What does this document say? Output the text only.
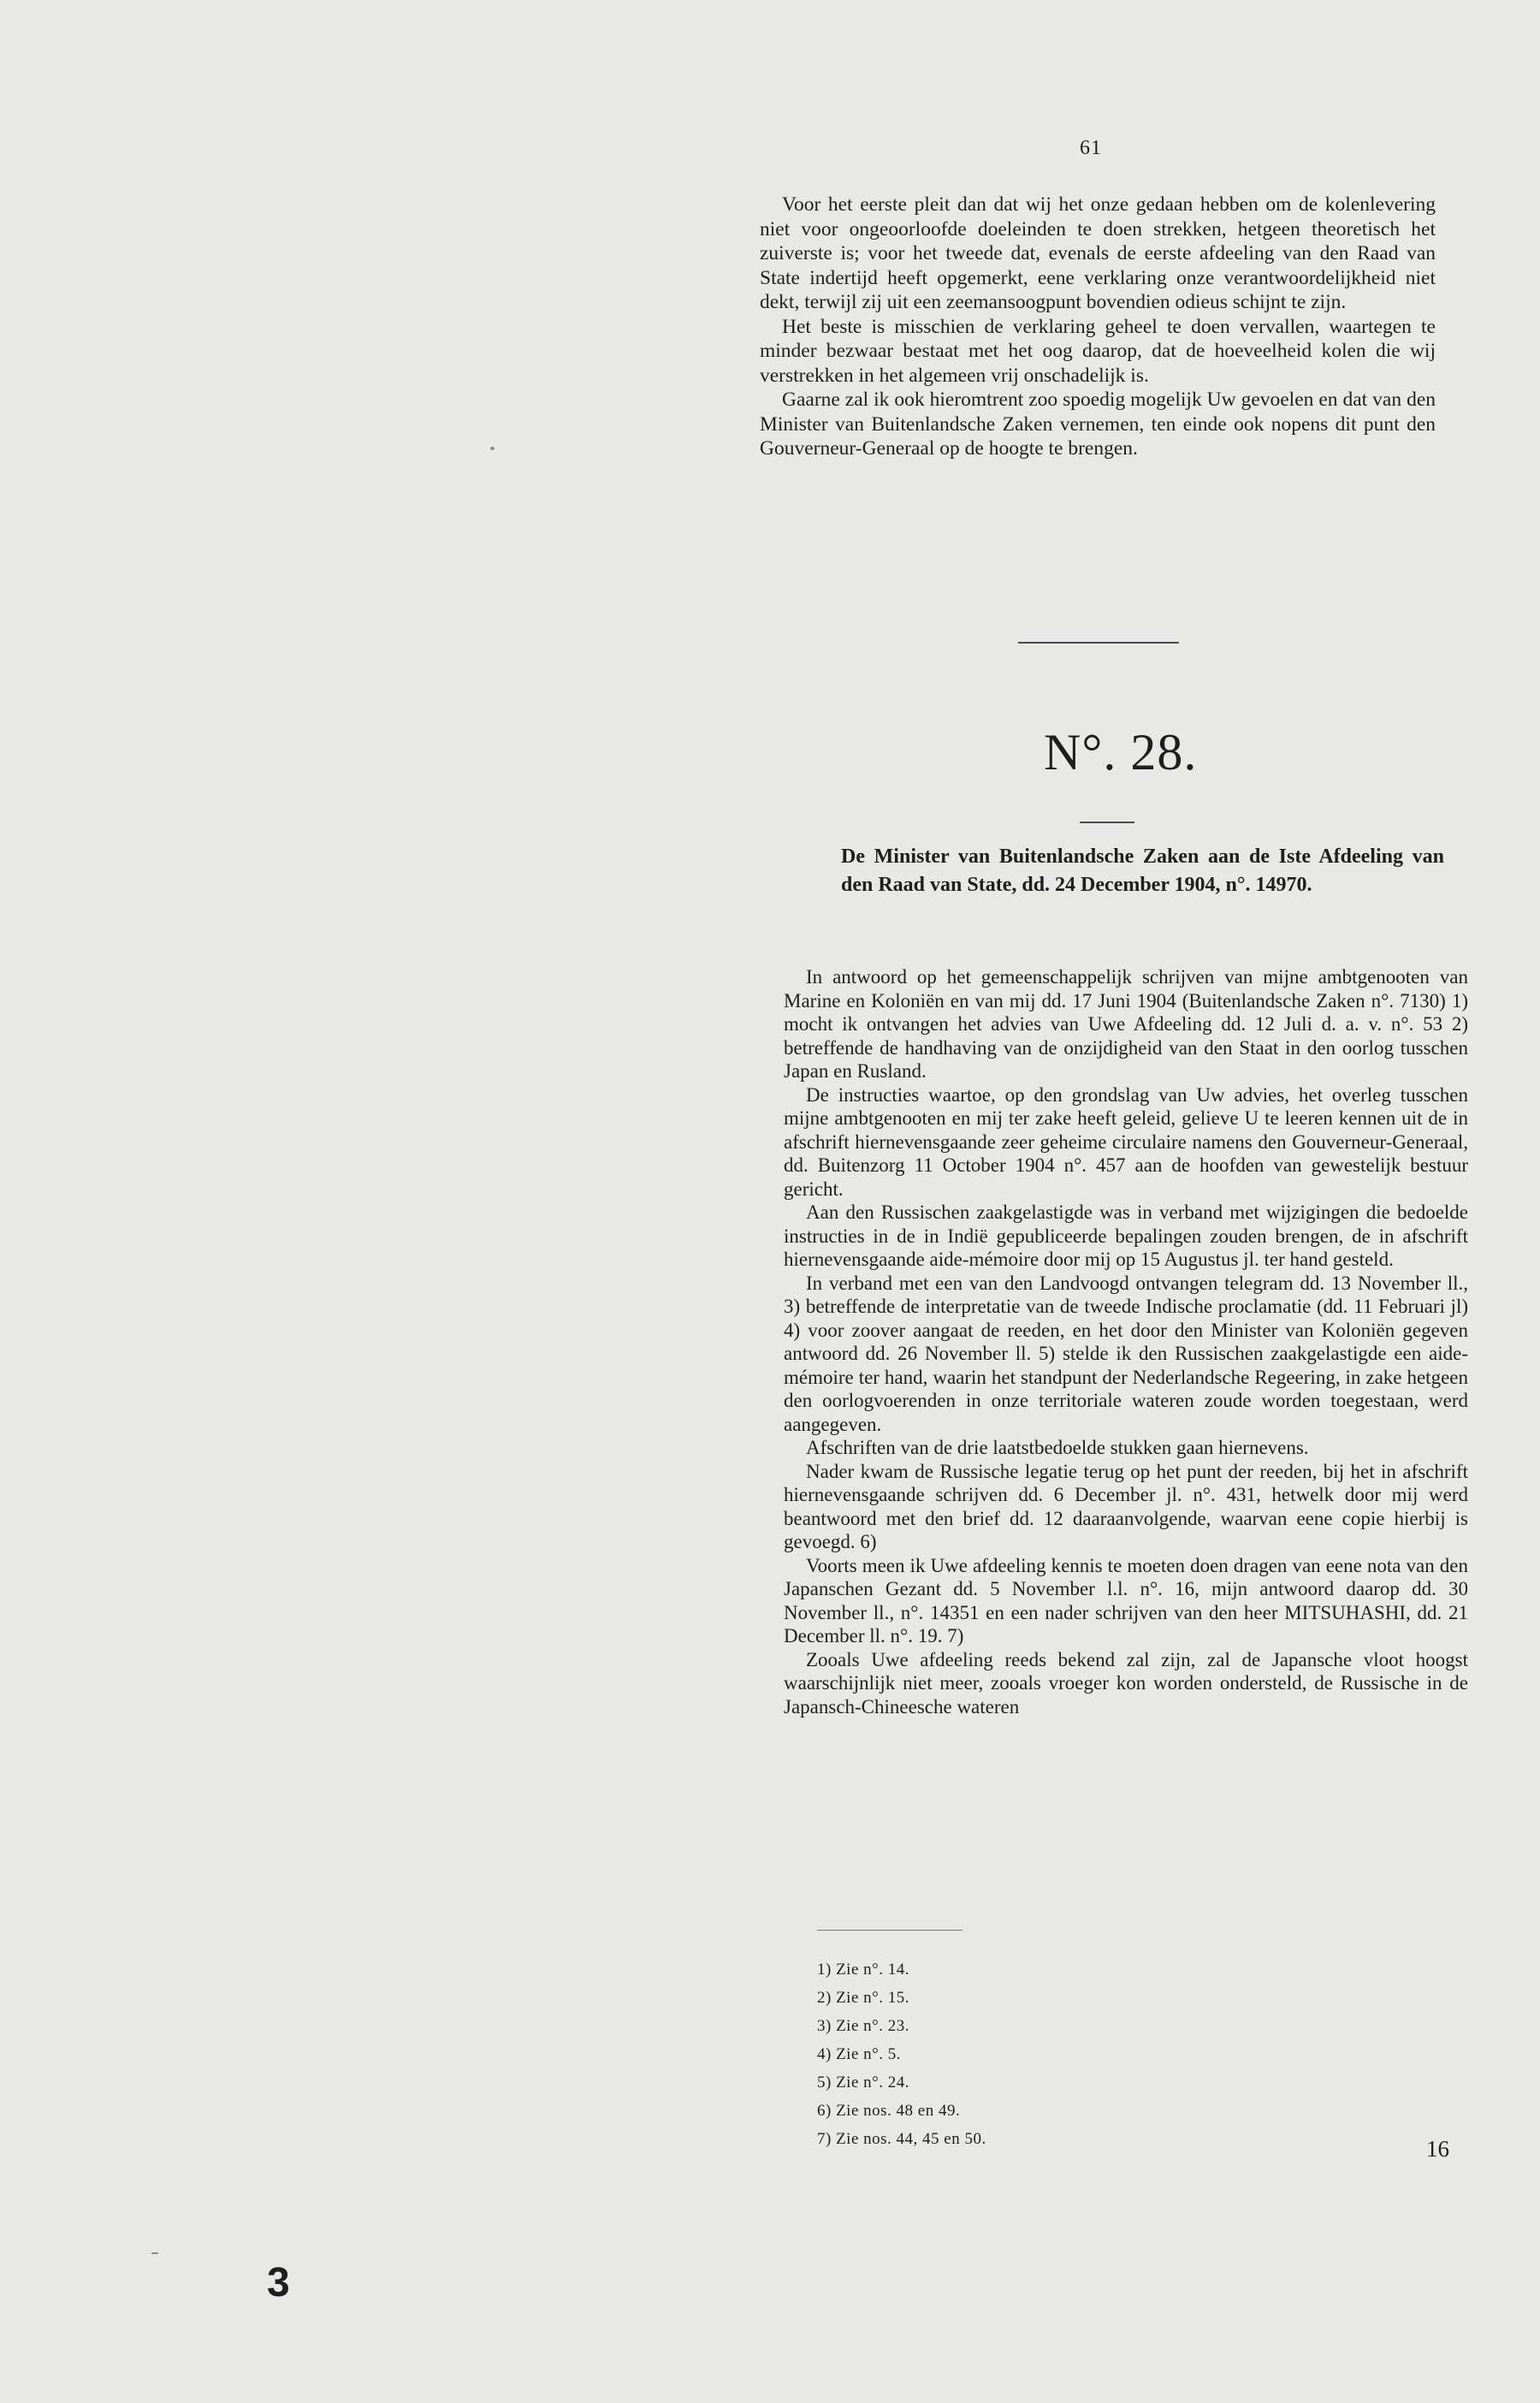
61

Voor het eerste pleit dan dat wij het onze gedaan hebben om de kolenlevering niet voor ongeoorloofde doeleinden te doen strekken, hetgeen theoretisch het zuiverste is; voor het tweede dat, evenals de eerste afdeeling van den Raad van State indertijd heeft opgemerkt, eene verklaring onze verantwoordelijkheid niet dekt, terwijl zij uit een zeemansoogpunt bovendien odieus schijnt te zijn.

Het beste is misschien de verklaring geheel te doen vervallen, waartegen te minder bezwaar bestaat met het oog daarop, dat de hoeveelheid kolen die wij verstrekken in het algemeen vrij onschadelijk is.

Gaarne zal ik ook hieromtrent zoo spoedig mogelijk Uw gevoelen en dat van den Minister van Buitenlandsche Zaken vernemen, ten einde ook nopens dit punt den Gouverneur-Generaal op de hoogte te brengen.

N°. 28.

De Minister van Buitenlandsche Zaken aan de Iste Afdeeling van den Raad van State, dd. 24 December 1904, n°. 14970.

In antwoord op het gemeenschappelijk schrijven van mijne ambtgenooten van Marine en Koloniën en van mij dd. 17 Juni 1904 (Buitenlandsche Zaken n°. 7130) 1) mocht ik ontvangen het advies van Uwe Afdeeling dd. 12 Juli d. a. v. n°. 53 2) betreffende de handhaving van de onzijdigheid van den Staat in den oorlog tusschen Japan en Rusland.

De instructies waartoe, op den grondslag van Uw advies, het overleg tusschen mijne ambtgenooten en mij ter zake heeft geleid, gelieve U te leeren kennen uit de in afschrift hiernevensgaande zeer geheime circulaire namens den Gouverneur-Generaal, dd. Buitenzorg 11 October 1904 n°. 457 aan de hoofden van gewestelijk bestuur gericht.

Aan den Russischen zaakgelastigde was in verband met wijzigingen die bedoelde instructies in de in Indië gepubliceerde bepalingen zouden brengen, de in afschrift hiernevensgaande aide-mémoire door mij op 15 Augustus jl. ter hand gesteld.

In verband met een van den Landvoogd ontvangen telegram dd. 13 November ll., 3) betreffende de interpretatie van de tweede Indische proclamatie (dd. 11 Februari jl) 4) voor zoover aangaat de reeden, en het door den Minister van Koloniën gegeven antwoord dd. 26 November ll. 5) stelde ik den Russischen zaakgelastigde een aide-mémoire ter hand, waarin het standpunt der Nederlandsche Regeering, in zake hetgeen den oorlogvoerenden in onze territoriale wateren zoude worden toegestaan, werd aangegeven.

Afschriften van de drie laatstbedoelde stukken gaan hiernevens.

Nader kwam de Russische legatie terug op het punt der reeden, bij het in afschrift hiernevensgaande schrijven dd. 6 December jl. n°. 431, hetwelk door mij werd beantwoord met den brief dd. 12 daaraanvolgende, waarvan eene copie hierbij is gevoegd. 6)

Voorts meen ik Uwe afdeeling kennis te moeten doen dragen van eene nota van den Japanschen Gezant dd. 5 November l.l. n°. 16, mijn antwoord daarop dd. 30 November ll., n°. 14351 en een nader schrijven van den heer MITSUHASHI, dd. 21 December ll. n°. 19. 7)

Zooals Uwe afdeeling reeds bekend zal zijn, zal de Japansche vloot hoogst waarschijnlijk niet meer, zooals vroeger kon worden ondersteld, de Russische in de Japansch-Chineesche wateren

1) Zie n°. 14.
2) Zie n°. 15.
3) Zie n°. 23.
4) Zie n°. 5.
5) Zie n°. 24.
6) Zie nos. 48 en 49.
7) Zie nos. 44, 45 en 50.	16
3
